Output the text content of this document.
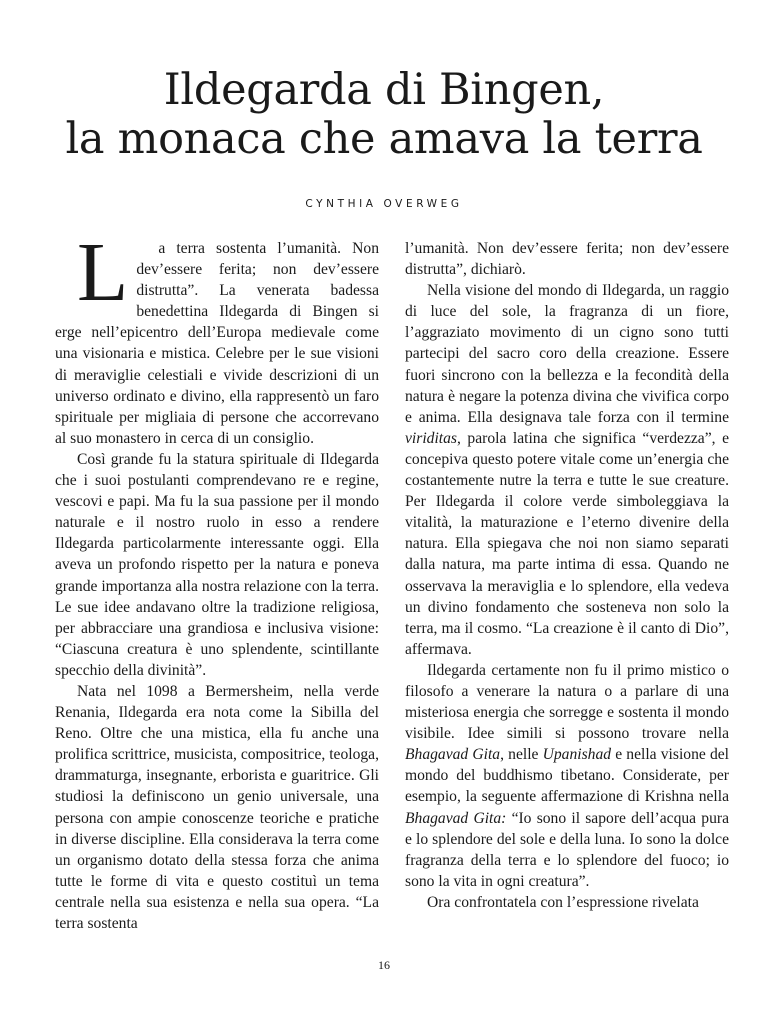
Ildegarda di Bingen,
la monaca che amava la terra
CYNTHIA OVERWEG

L a terra sostenta l’umanità. Non dev’essere ferita; non dev’essere distrutta”. La venerata badessa benedettina Ildegarda di Bingen si erge nell’epicentro dell’Europa medievale come una visionaria e mistica. Celebre per le sue visioni di meraviglie celestiali e vivide descrizioni di un universo ordinato e divino, ella rappresentò un faro spirituale per migliaia di persone che accorrevano al suo monastero in cerca di un consiglio.

Così grande fu la statura spirituale di Ildegarda che i suoi postulanti comprendevano re e regine, vescovi e papi. Ma fu la sua passione per il mondo naturale e il nostro ruolo in esso a rendere Ildegarda particolarmente interessante oggi. Ella aveva un profondo rispetto per la natura e poneva grande importanza alla nostra relazione con la terra. Le sue idee andavano oltre la tradizione religiosa, per abbracciare una grandiosa e inclusiva visione: “Ciascuna creatura è uno splendente, scintillante specchio della divinità”.

Nata nel 1098 a Bermersheim, nella verde Renania, Ildegarda era nota come la Sibilla del Reno. Oltre che una mistica, ella fu anche una prolifica scrittrice, musicista, compositrice, teologa, drammaturga, insegnante, erborista e guaritrice. Gli studiosi la definiscono un genio universale, una persona con ampie conoscenze teoriche e pratiche in diverse discipline. Ella considerava la terra come un organismo dotato della stessa forza che anima tutte le forme di vita e questo costituì un tema centrale nella sua esistenza e nella sua opera. “La terra sostenta

l’umanità. Non dev’essere ferita; non dev’essere distrutta”, dichiarò.

Nella visione del mondo di Ildegarda, un raggio di luce del sole, la fragranza di un fiore, l’aggraziato movimento di un cigno sono tutti partecipi del sacro coro della creazione. Essere fuori sincrono con la bellezza e la fecondità della natura è negare la potenza divina che vivifica corpo e anima. Ella designava tale forza con il termine viriditas, parola latina che significa “verdezza”, e concepiva questo potere vitale come un’energia che costantemente nutre la terra e tutte le sue creature. Per Ildegarda il colore verde simboleggiava la vitalità, la maturazione e l’eterno divenire della natura. Ella spiegava che noi non siamo separati dalla natura, ma parte intima di essa. Quando ne osservava la meraviglia e lo splendore, ella vedeva un divino fondamento che sosteneva non solo la terra, ma il cosmo. “La creazione è il canto di Dio”, affermava.

Ildegarda certamente non fu il primo mistico o filosofo a venerare la natura o a parlare di una misteriosa energia che sorregge e sostenta il mondo visibile. Idee simili si possono trovare nella Bhagavad Gita, nelle Upanishad e nella visione del mondo del buddhismo tibetano. Considerate, per esempio, la seguente affermazione di Krishna nella Bhagavad Gita: “Io sono il sapore dell’acqua pura e lo splendore del sole e della luna. Io sono la dolce fragranza della terra e lo splendore del fuoco; io sono la vita in ogni creatura”.

Ora confrontatela con l’espressione rivelata

16
